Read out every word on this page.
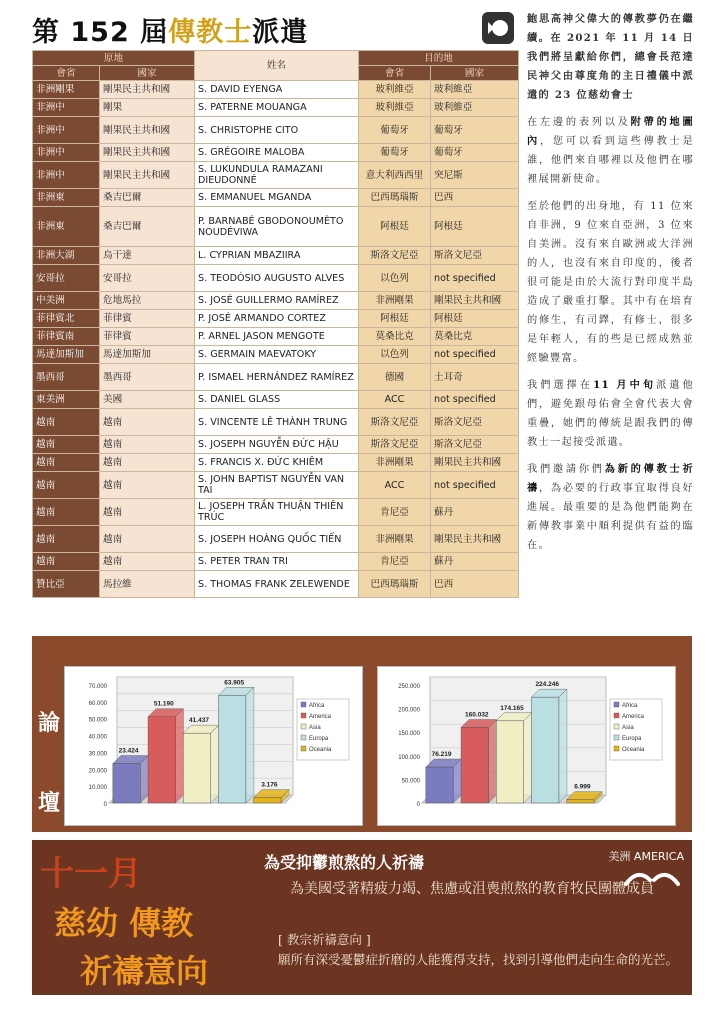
第 152 屆傳教士派遣
原地		姓名	目的地	
會省	國家		會省	國家
非洲剛果	剛果民主共和國	S. DAVID EYENGA	玻利維亞	玻利維亞
非洲中	剛果	S. PATERNE MOUANGA	玻利維亞	玻利維亞
非洲中	剛果民主共和國	S. CHRISTOPHE CITO	葡萄牙	葡萄牙
非洲中	剛果民主共和國	S. GRÉGOIRE MALOBA	葡萄牙	葡萄牙
非洲中	剛果民主共和國	S. LUKUNDULA RAMAZANI DIEUDONNÉ	意大利西西里	突尼斯
非洲東	桑吉巴爾	S. EMMANUEL MGANDA	巴西瑪瑙斯	巴西
非洲東	桑吉巴爾	P. BARNABÉ GBODONOUMÈTO NOUDÉVIWA	阿根廷	阿根廷
非洲大湖	烏干達	L. CYPRIAN MBAZIIRA	斯洛文尼亞	斯洛文尼亞
安哥拉	安哥拉	S. TEODÓSIO AUGUSTO ALVES	以色列	not specified
中美洲	危地馬拉	S. JOSÉ GUILLERMO RAMÍREZ	非洲剛果	剛果民主共和國
菲律賓北	菲律賓	P. JOSÉ ARMANDO CORTEZ	阿根廷	阿根廷
菲律賓南	菲律賓	P. ARNEL JASON MENGOTE	莫桑比克	莫桑比克
馬達加斯加	馬達加斯加	S. GERMAIN MAEVATOKY	以色列	not specified
墨西哥	墨西哥	P. ISMAEL HERNÁNDEZ RAMÍREZ	德國	土耳奇
東美洲	美國	S. DANIEL GLASS	ACC	not specified
越南	越南	S. VINCENTE LÊ THÀNH TRUNG	斯洛文尼亞	斯洛文尼亞
越南	越南	S. JOSEPH NGUYỄN ĐỨC HẬU	斯洛文尼亞	斯洛文尼亞
越南	越南	S. FRANCIS X. ĐỨC KHIÊM	非洲剛果	剛果民主共和國
越南	越南	S. JOHN BAPTIST NGUYỄN VAN TAI	ACC	not specified
越南	越南	L. JOSEPH TRẦN THUẬN THIÊN TRÚC	肯尼亞	蘇丹
越南	越南	S. JOSEPH HOÀNG QUỐC TIẾN	非洲剛果	剛果民主共和國
越南	越南	S. PETER TRAN TRI	肯尼亞	蘇丹
贊比亞	馬拉維	S. THOMAS FRANK ZELEWENDE	巴西瑪瑙斯	巴西

鮑思高神父偉大的傳教夢仍在繼續。在 2021 年 11 月 14 日我們將呈獻給你們，總會長范達民神父由尊度角的主日禮儀中派遣的 23 位慈幼會士

在左邊的表列以及附帶的地圖內，您可以看到這些傳教士是誰，他們來自哪裡以及他們在哪裡展開新使命。

至於他們的出身地，有 11 位來自非洲，9 位來自亞洲，3 位來自美洲。沒有來自歐洲或大洋洲的人，也沒有來自印度的，後者很可能是由於大流行對印度半島造成了嚴重打擊。其中有在培育的修生，有司鐸，有修士，很多是年輕人，有的些是已經成熟並經驗豐富。

我們選擇在11 月中旬派遣他們，避免跟母佑會全會代表大會重疊，她們的傳統是跟我們的傳教士一起接受派遣。

我們邀請你們為新的傳教士祈禱，為必要的行政事宜取得良好進展。最重要的是為他們能夠在新傳教事業中順利提供有益的臨在。

論
壇	0
10.000
20.000
30.000
40.000
50.000
60.000
70.000
23.424
51.190
41.437
63.905
3.176
Africa
America
Asia
Europa
Oceania
0
50.000
100.000
150.000
200.000
250.000
76.219
160.032
174.165
224.246
6.999
Africa
America
Asia
Europa
Oceania
十一月
慈幼 傳教
祈禱意向
為受抑鬱煎熬的人祈禱	美洲 AMERICA
為美國受著精疲力竭、焦慮或沮喪煎熬的教育牧民團體成員
[ 教宗祈禱意向 ]
願所有深受憂鬱症折磨的人能獲得支持，找到引導他們走向生命的光芒。
